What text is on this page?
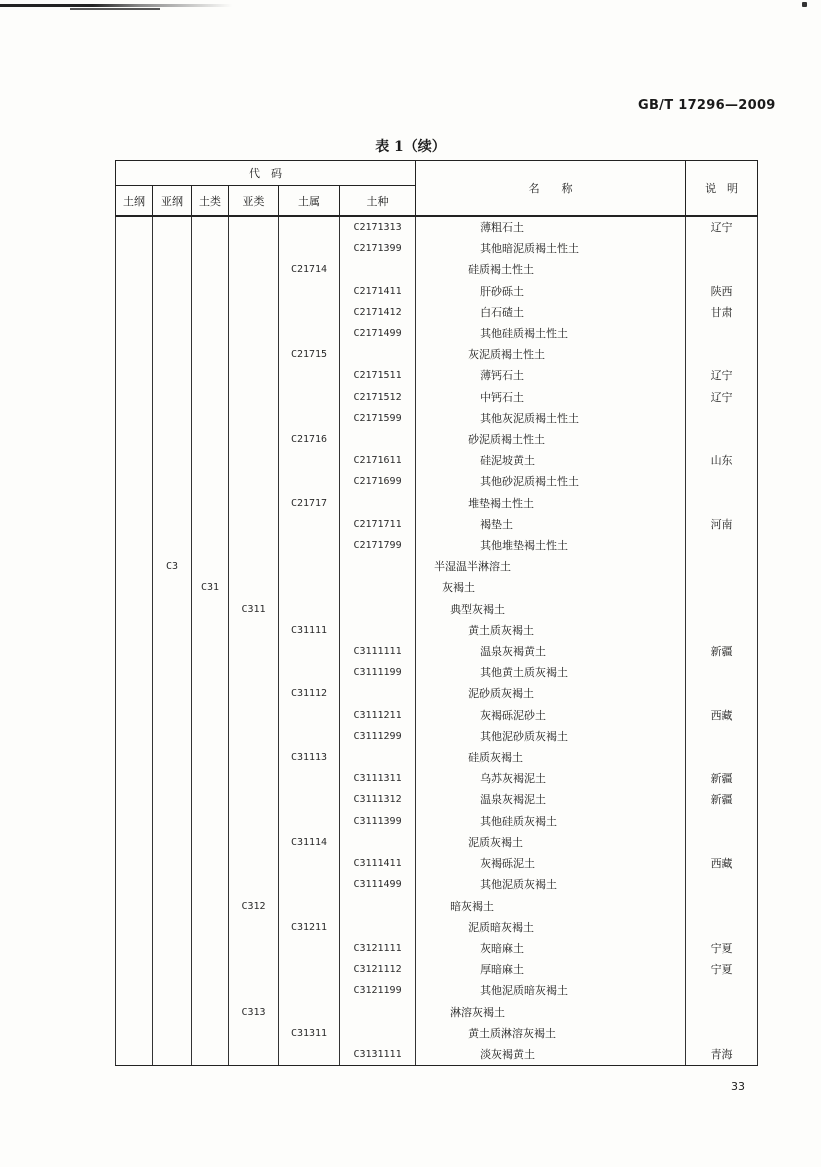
GB/T 17296—2009
表 1（续）
代　码						名　　称	说　明
土纲	亚纲	土类	亚类	土属	土种		
					C2171313	薄粗石土	辽宁
					C2171399	其他暗泥质褐土性土	
				C21714		硅质褐土性土	
					C2171411	肝砂砾土	陕西
					C2171412	白石碴土	甘肃
					C2171499	其他硅质褐土性土	
				C21715		灰泥质褐土性土	
					C2171511	薄钙石土	辽宁
					C2171512	中钙石土	辽宁
					C2171599	其他灰泥质褐土性土	
				C21716		砂泥质褐土性土	
					C2171611	硅泥坡黄土	山东
					C2171699	其他砂泥质褐土性土	
				C21717		堆垫褐土性土	
					C2171711	褐垫土	河南
					C2171799	其他堆垫褐土性土	
	C3					半湿温半淋溶土	
		C31				灰褐土	
			C311			典型灰褐土	
				C31111		黄土质灰褐土	
					C3111111	温泉灰褐黄土	新疆
					C3111199	其他黄土质灰褐土	
				C31112		泥砂质灰褐土	
					C3111211	灰褐砾泥砂土	西藏
					C3111299	其他泥砂质灰褐土	
				C31113		硅质灰褐土	
					C3111311	乌苏灰褐泥土	新疆
					C3111312	温泉灰褐泥土	新疆
					C3111399	其他硅质灰褐土	
				C31114		泥质灰褐土	
					C3111411	灰褐砾泥土	西藏
					C3111499	其他泥质灰褐土	
			C312			暗灰褐土	
				C31211		泥质暗灰褐土	
					C3121111	灰暗麻土	宁夏
					C3121112	厚暗麻土	宁夏
					C3121199	其他泥质暗灰褐土	
			C313			淋溶灰褐土	
				C31311		黄土质淋溶灰褐土	
					C3131111	淡灰褐黄土	青海
33
